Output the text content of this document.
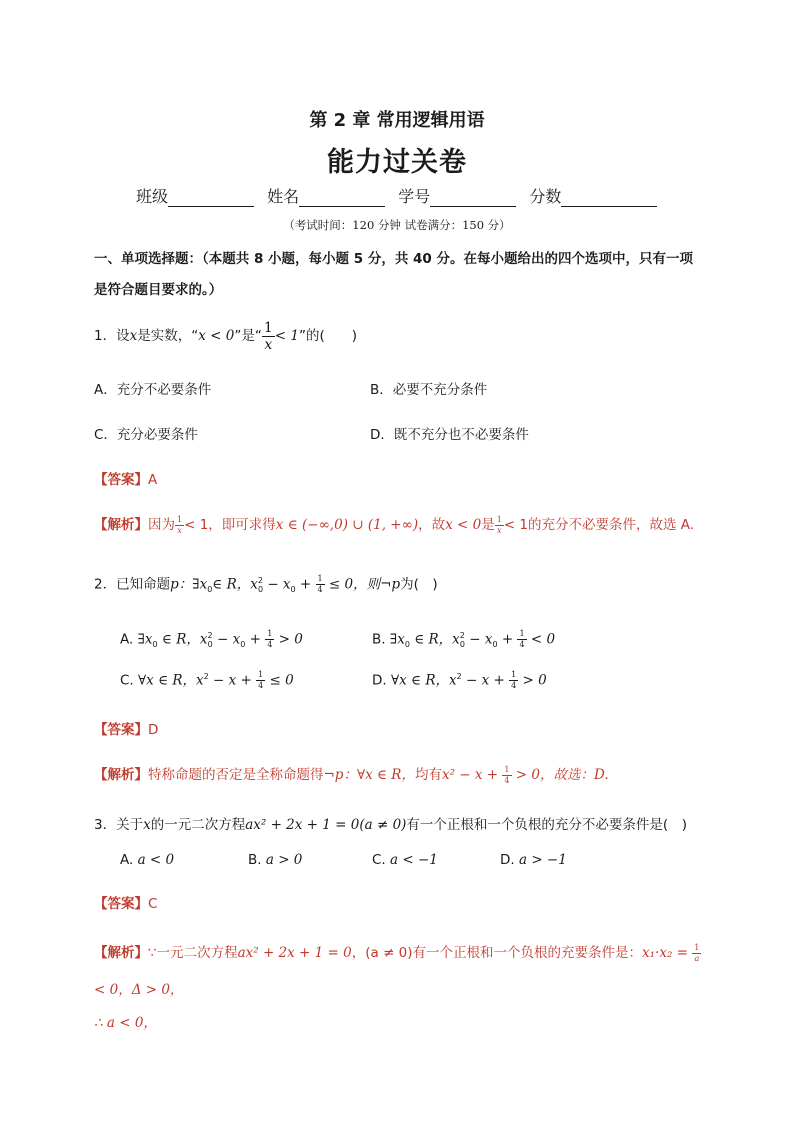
第 2 章 常用逻辑用语
能力过关卷
班级	姓名	学号	分数
（考试时间：120 分钟 试卷满分：150 分）
一、单项选择题：（本题共 8 小题，每小题 5 分，共 40 分。在每小题给出的四个选项中，只有一项
是符合题目要求的。）
1．设x是实数，“x < 0”是“ $\frac{1}{x} < 1$”的(　　)
A．充分不必要条件	B．必要不充分条件
C．充分必要条件	D．既不充分也不必要条件
【答案】A
【解析】因为 $\frac{1}{x} < 1$，即可求得x ∈ (−∞,0) ∪ (1, +∞)，故x < 0是 $\frac{1}{x} < 1$的充分不必要条件，故选 A.
2．已知命题p：$\exists x_0\in$ R，$x^2_0 - x_0 + \frac{1}{4} \le 0$，则¬p为(　)
A. $\exists x_0$ ∈ R，$x^2_0 - x_0 + \frac{1}{4} > 0$	B. $\exists x_0$ ∈ R，$x^2_0 - x_0 + \frac{1}{4} < 0$
C. ∀x ∈ R，$x^2 - x + \frac{1}{4} \le 0$	D. ∀x ∈ R，$x^2 - x + \frac{1}{4} > 0$
【答案】D
【解析】特称命题的否定是全称命题得¬p：∀x ∈ R，均有$x^2 - x + \frac{1}{4} > 0$，故选：D.
3．关于x的一元二次方程ax² + 2x + 1 = 0(a ≠ 0)有一个正根和一个负根的充分不必要条件是(　)
A. a < 0	B. a > 0	C. a < −1	D. a > −1
【答案】C
【解析】∵一元二次方程ax² + 2x + 1 = 0，(a ≠ 0)有一个正根和一个负根的充要条件是：$x_1\cdot x_2 = \frac{1}{a}$
< 0，Δ > 0，
∴ a < 0，
